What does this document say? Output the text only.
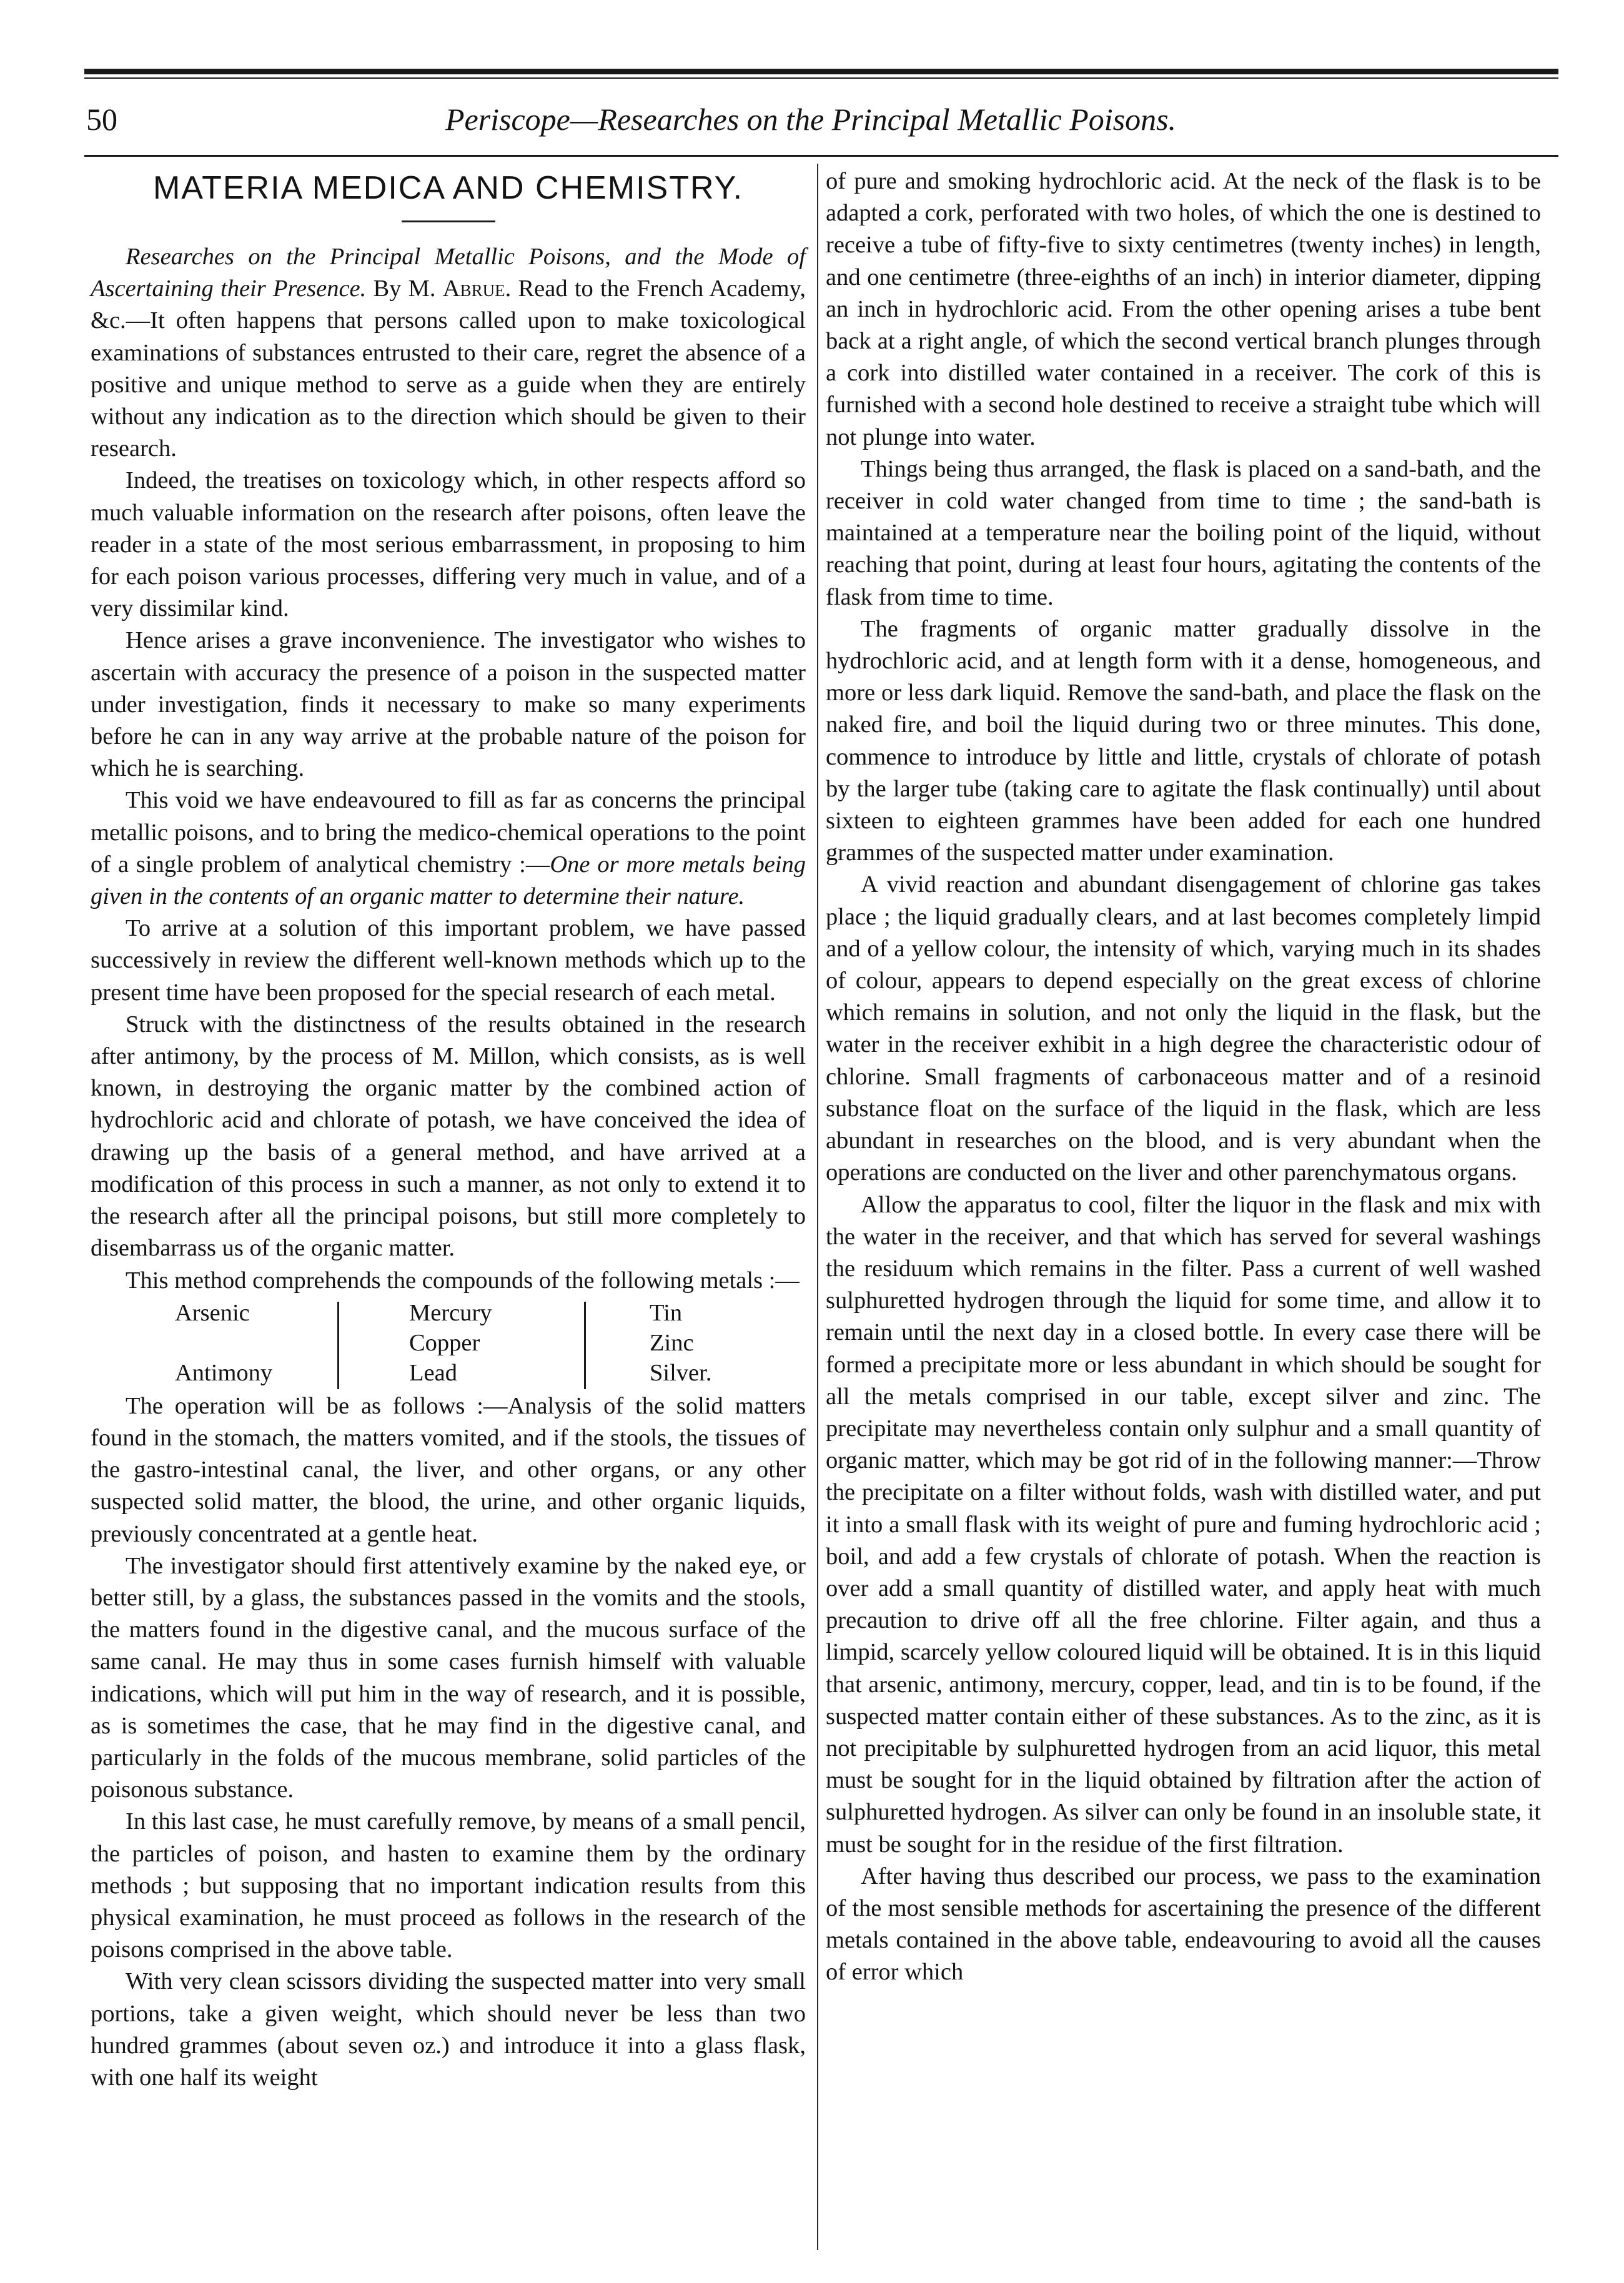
50	Periscope—Researches on the Principal Metallic Poisons.
MATERIA MEDICA AND CHEMISTRY.

Researches on the Principal Metallic Poisons, and the Mode of Ascertaining their Presence. By M. Abrue. Read to the French Academy, &c.—It often happens that persons called upon to make toxicological examinations of substances entrusted to their care, regret the absence of a positive and unique method to serve as a guide when they are entirely without any indication as to the direction which should be given to their research.

Indeed, the treatises on toxicology which, in other respects afford so much valuable information on the research after poisons, often leave the reader in a state of the most serious embarrassment, in proposing to him for each poison various processes, differing very much in value, and of a very dissimilar kind.

Hence arises a grave inconvenience. The investigator who wishes to ascertain with accuracy the presence of a poison in the suspected matter under investigation, finds it necessary to make so many experiments before he can in any way arrive at the probable nature of the poison for which he is searching.

This void we have endeavoured to fill as far as concerns the principal metallic poisons, and to bring the medico-chemical operations to the point of a single problem of analytical chemistry :—One or more metals being given in the contents of an organic matter to determine their nature.

To arrive at a solution of this important problem, we have passed successively in review the different well-known methods which up to the present time have been proposed for the special research of each metal.

Struck with the distinctness of the results obtained in the research after antimony, by the process of M. Millon, which consists, as is well known, in destroying the organic matter by the combined action of hydrochloric acid and chlorate of potash, we have conceived the idea of drawing up the basis of a general method, and have arrived at a modification of this process in such a manner, as not only to extend it to the research after all the principal poisons, but still more completely to disembarrass us of the organic matter.

This method comprehends the compounds of the following metals :—

Arsenic
Antimony
Mercury
Copper
Lead
Tin
Zinc
Silver.

The operation will be as follows :—Analysis of the solid matters found in the stomach, the matters vomited, and if the stools, the tissues of the gastro-intestinal canal, the liver, and other organs, or any other suspected solid matter, the blood, the urine, and other organic liquids, previously concentrated at a gentle heat.

The investigator should first attentively examine by the naked eye, or better still, by a glass, the substances passed in the vomits and the stools, the matters found in the digestive canal, and the mucous surface of the same canal. He may thus in some cases furnish himself with valuable indications, which will put him in the way of research, and it is possible, as is sometimes the case, that he may find in the digestive canal, and particularly in the folds of the mucous membrane, solid particles of the poisonous substance.

In this last case, he must carefully remove, by means of a small pencil, the particles of poison, and hasten to examine them by the ordinary methods ; but supposing that no important indication results from this physical examination, he must proceed as follows in the research of the poisons comprised in the above table.

With very clean scissors dividing the suspected matter into very small portions, take a given weight, which should never be less than two hundred grammes (about seven oz.) and introduce it into a glass flask, with one half its weight

of pure and smoking hydrochloric acid. At the neck of the flask is to be adapted a cork, perforated with two holes, of which the one is destined to receive a tube of fifty-five to sixty centimetres (twenty inches) in length, and one centimetre (three-eighths of an inch) in interior diameter, dipping an inch in hydrochloric acid. From the other opening arises a tube bent back at a right angle, of which the second vertical branch plunges through a cork into distilled water contained in a receiver. The cork of this is furnished with a second hole destined to receive a straight tube which will not plunge into water.

Things being thus arranged, the flask is placed on a sand-bath, and the receiver in cold water changed from time to time ; the sand-bath is maintained at a temperature near the boiling point of the liquid, without reaching that point, during at least four hours, agitating the contents of the flask from time to time.

The fragments of organic matter gradually dissolve in the hydrochloric acid, and at length form with it a dense, homogeneous, and more or less dark liquid. Remove the sand-bath, and place the flask on the naked fire, and boil the liquid during two or three minutes. This done, commence to introduce by little and little, crystals of chlorate of potash by the larger tube (taking care to agitate the flask continually) until about sixteen to eighteen grammes have been added for each one hundred grammes of the suspected matter under examination.

A vivid reaction and abundant disengagement of chlorine gas takes place ; the liquid gradually clears, and at last becomes completely limpid and of a yellow colour, the intensity of which, varying much in its shades of colour, appears to depend especially on the great excess of chlorine which remains in solution, and not only the liquid in the flask, but the water in the receiver exhibit in a high degree the characteristic odour of chlorine. Small fragments of carbonaceous matter and of a resinoid substance float on the surface of the liquid in the flask, which are less abundant in researches on the blood, and is very abundant when the operations are conducted on the liver and other parenchymatous organs.

Allow the apparatus to cool, filter the liquor in the flask and mix with the water in the receiver, and that which has served for several washings the residuum which remains in the filter. Pass a current of well washed sulphuretted hydrogen through the liquid for some time, and allow it to remain until the next day in a closed bottle. In every case there will be formed a precipitate more or less abundant in which should be sought for all the metals comprised in our table, except silver and zinc. The precipitate may nevertheless contain only sulphur and a small quantity of organic matter, which may be got rid of in the following manner:—Throw the precipitate on a filter without folds, wash with distilled water, and put it into a small flask with its weight of pure and fuming hydrochloric acid ; boil, and add a few crystals of chlorate of potash. When the reaction is over add a small quantity of distilled water, and apply heat with much precaution to drive off all the free chlorine. Filter again, and thus a limpid, scarcely yellow coloured liquid will be obtained. It is in this liquid that arsenic, antimony, mercury, copper, lead, and tin is to be found, if the suspected matter contain either of these substances. As to the zinc, as it is not precipitable by sulphuretted hydrogen from an acid liquor, this metal must be sought for in the liquid obtained by filtration after the action of sulphuretted hydrogen. As silver can only be found in an insoluble state, it must be sought for in the residue of the first filtration.

After having thus described our process, we pass to the examination of the most sensible methods for ascertaining the presence of the different metals contained in the above table, endeavouring to avoid all the causes of error which
